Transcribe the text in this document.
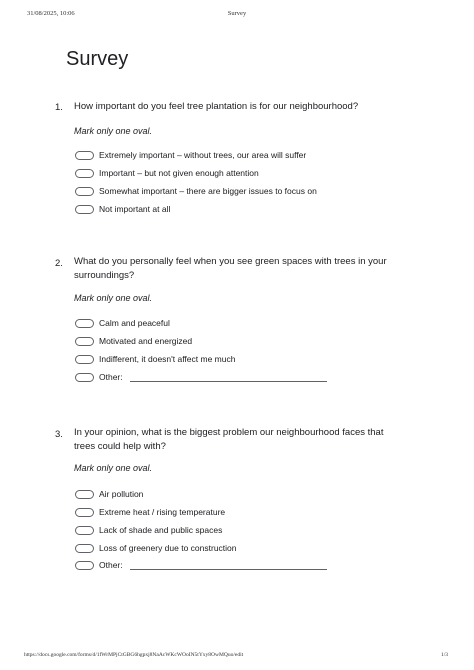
31/08/2025, 10:06	Survey
Survey
1. How important do you feel tree plantation is for our neighbourhood?
Mark only one oval.
Extremely important – without trees, our area will suffer
Important – but not given enough attention
Somewhat important – there are bigger issues to focus on
Not important at all
2. What do you personally feel when you see green spaces with trees in your surroundings?
Mark only one oval.
Calm and peaceful
Motivated and energized
Indifferent, it doesn't affect me much
Other:
3. In your opinion, what is the biggest problem our neighbourhood faces that trees could help with?
Mark only one oval.
Air pollution
Extreme heat / rising temperature
Lack of shade and public spaces
Loss of greenery due to construction
Other:
https://docs.google.com/forms/d/1fWrMPjCtGBG6hgpxj8NaAcWKcWOoIN5tYxy8OwMQuo/edit	1/3
